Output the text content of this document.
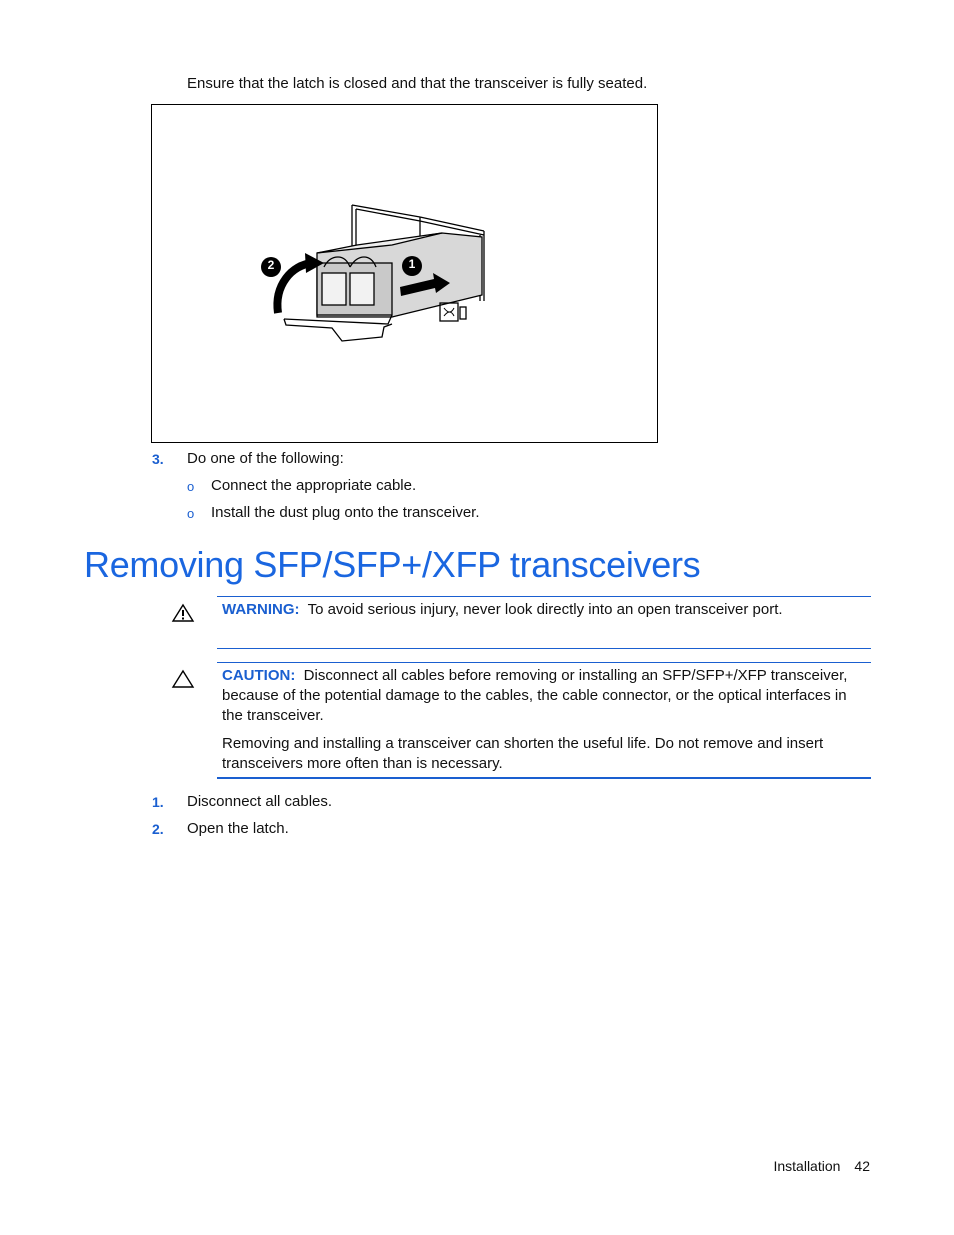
Ensure that the latch is closed and that the transceiver is fully seated.
2	1
3. Do one of the following:
o Connect the appropriate cable.
o Install the dust plug onto the transceiver.
Removing SFP/SFP+/XFP transceivers
WARNING: To avoid serious injury, never look directly into an open transceiver port.
CAUTION: Disconnect all cables before removing or installing an SFP/SFP+/XFP transceiver, because of the potential damage to the cables, the cable connector, or the optical interfaces in the transceiver.
Removing and installing a transceiver can shorten the useful life. Do not remove and insert transceivers more often than is necessary.
1. Disconnect all cables.
2. Open the latch.
Installation 42
